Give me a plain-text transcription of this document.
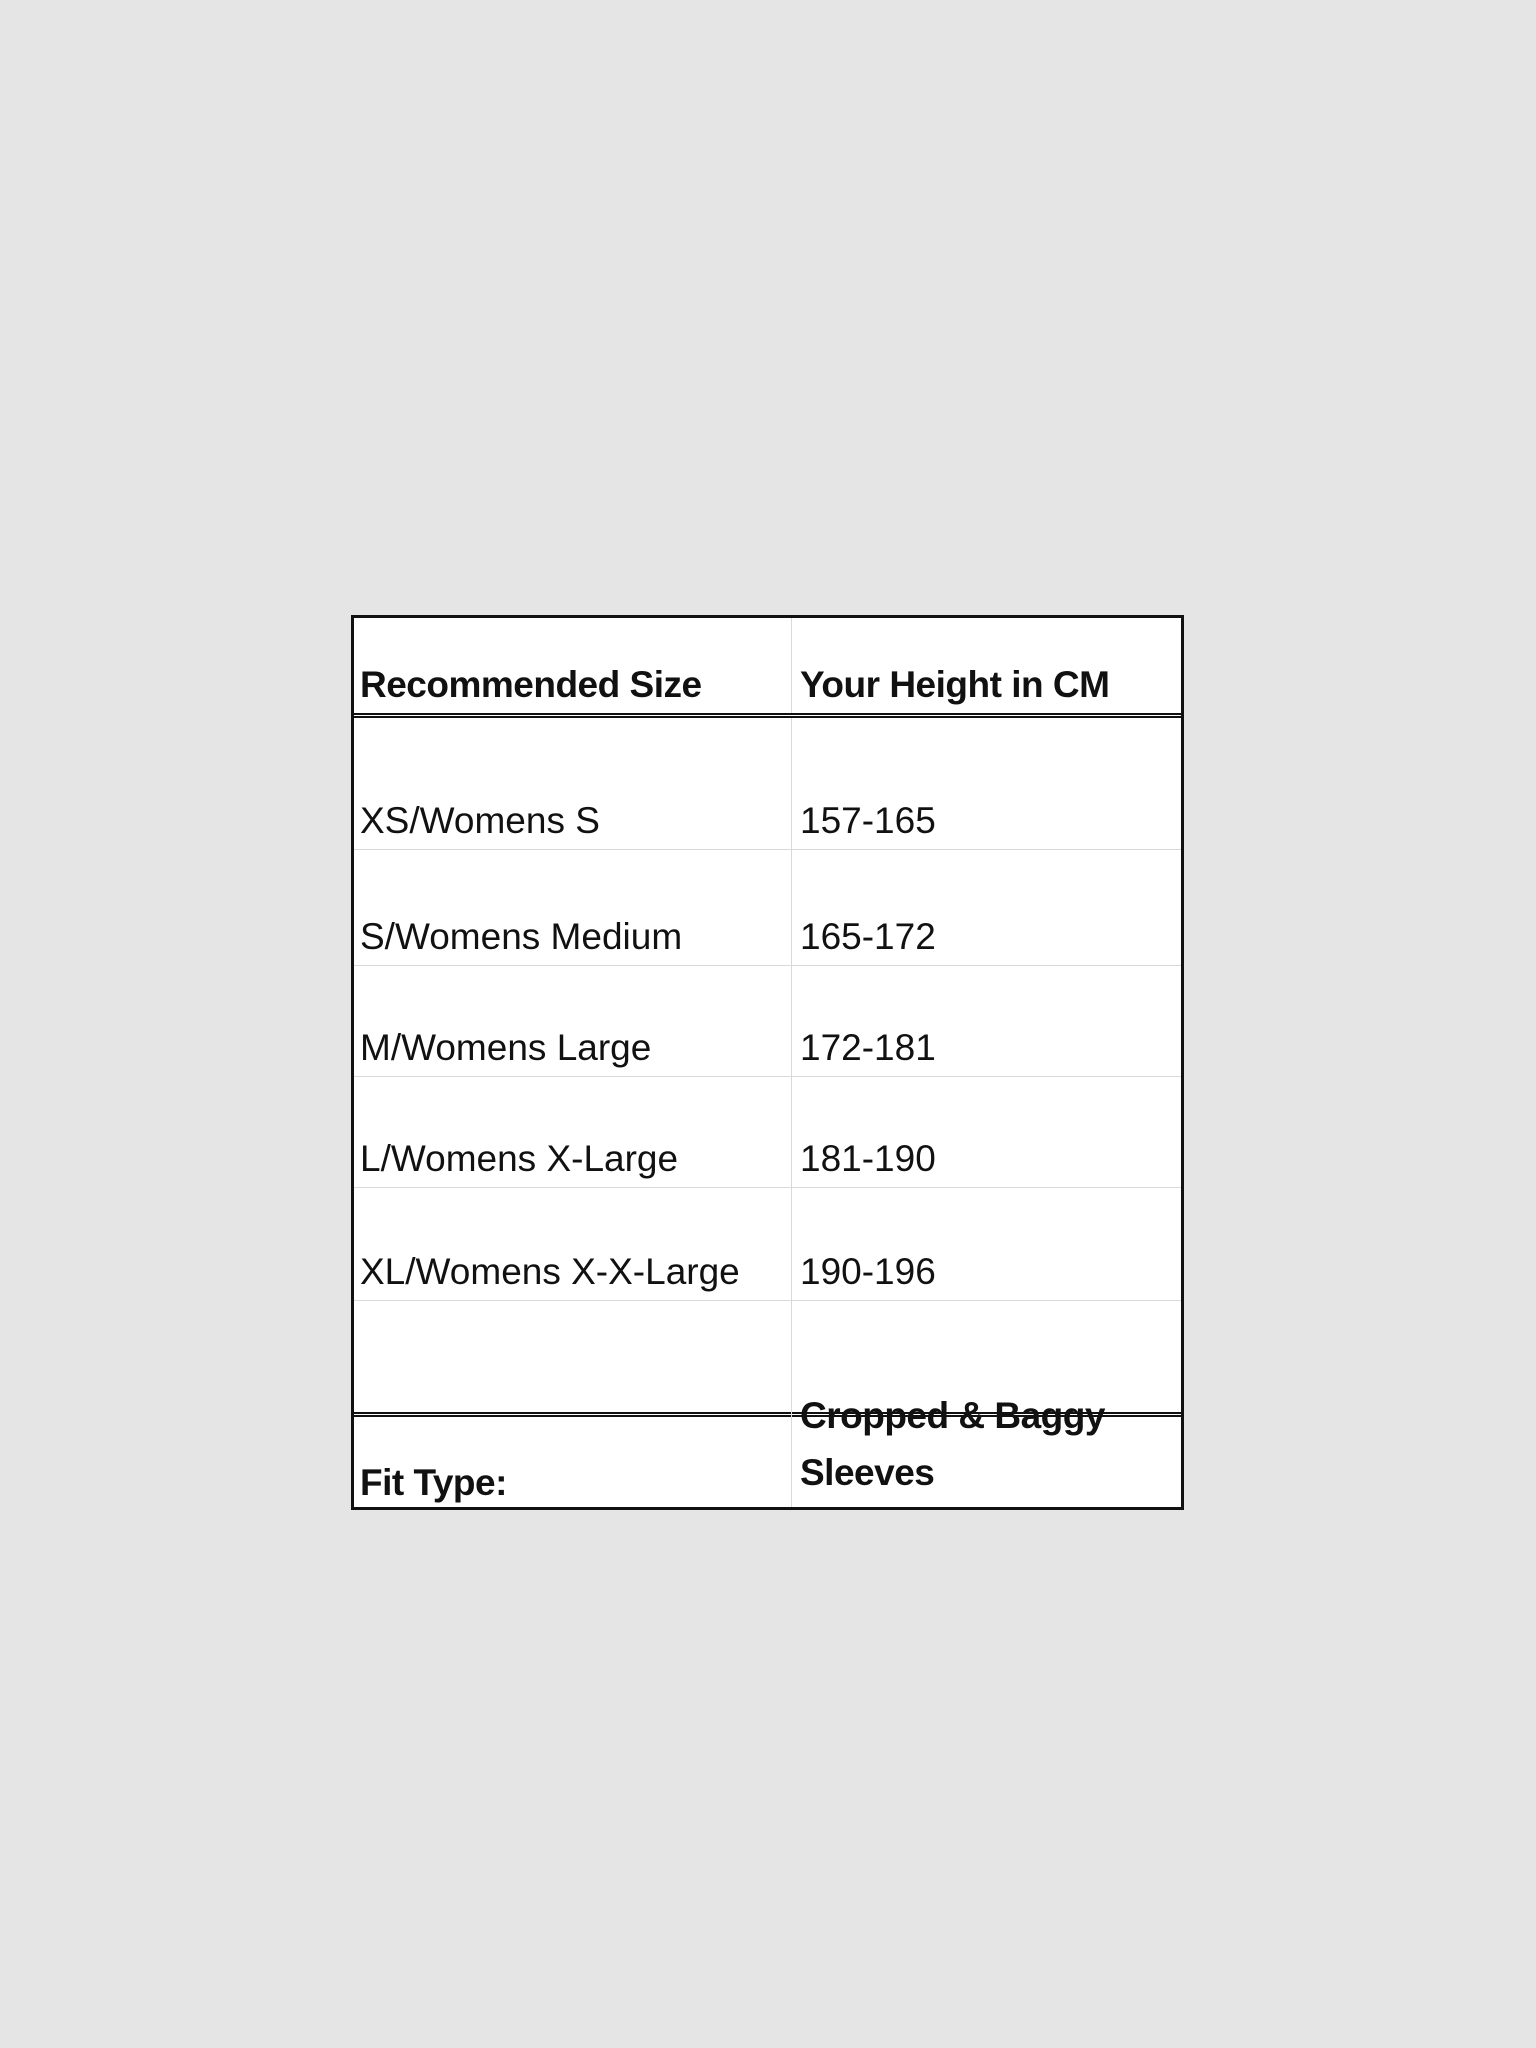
Recommended Size	Your Height in CM
XS/Womens S	157-165
S/Womens Medium	165-172
M/Womens Large	172-181
L/Womens X-Large	181-190
XL/Womens X-X-Large 190-196
Fit Type:
Cropped & Baggy Sleeves
